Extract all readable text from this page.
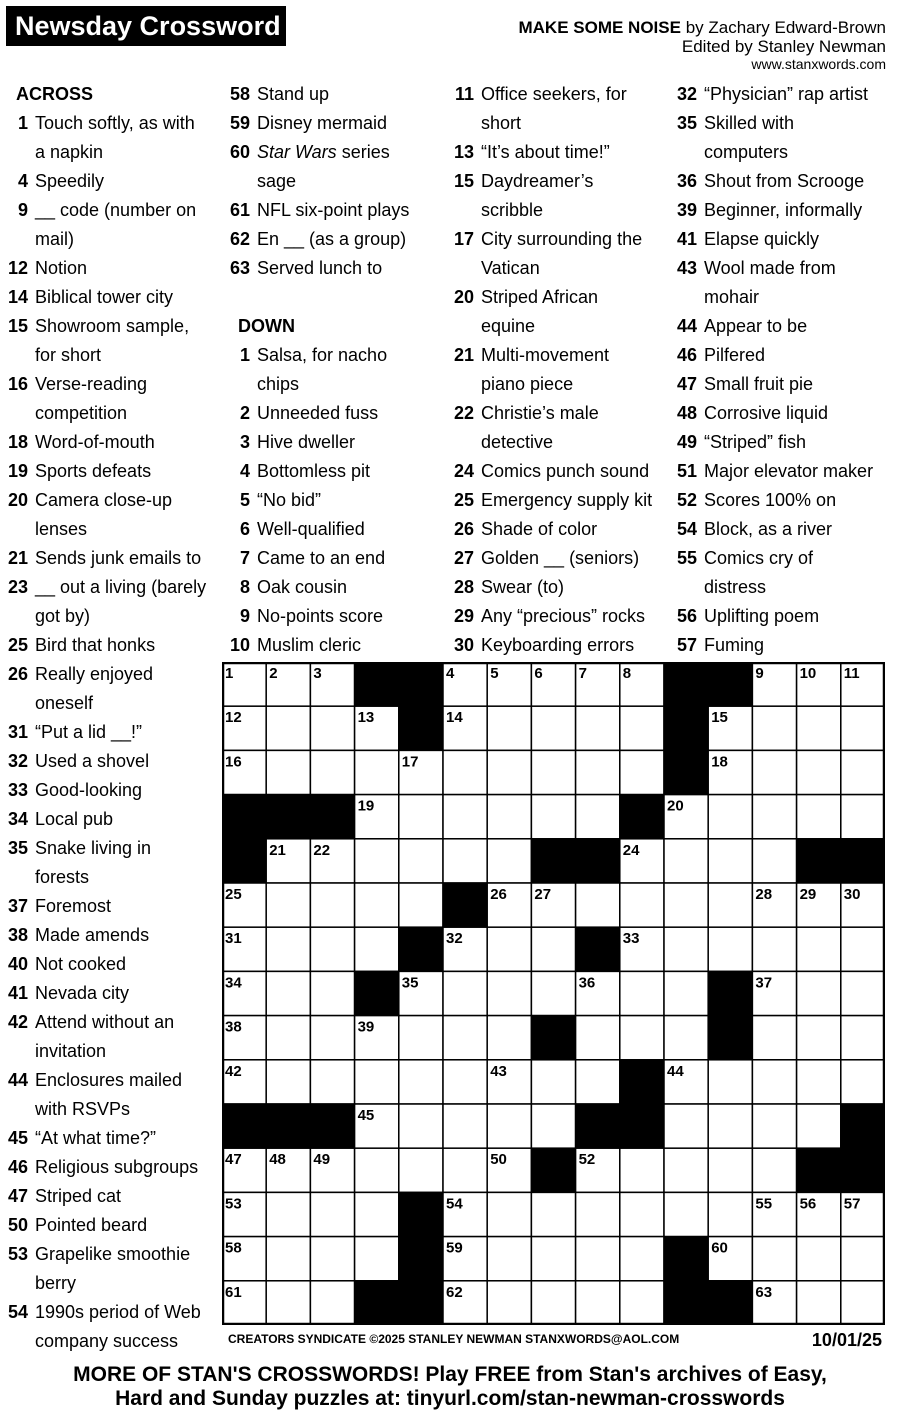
Newsday Crossword	MAKE SOME NOISE by Zachary Edward-Brown
Edited by Stanley Newman
www.stanxwords.com
ACROSS
1 Touch softly, as with
a napkin
4 Speedily
9 __ code (number on
mail)
12 Notion
14 Biblical tower city
15 Showroom sample,
for short
16 Verse-reading
competition
18 Word-of-mouth
19 Sports defeats
20 Camera close-up
lenses
21 Sends junk emails to
23 __ out a living (barely
got by)
25 Bird that honks
26 Really enjoyed
oneself
31 “Put a lid __!”
32 Used a shovel
33 Good-looking
34 Local pub
35 Snake living in
forests
37 Foremost
38 Made amends
40 Not cooked
41 Nevada city
42 Attend without an
invitation
44 Enclosures mailed
with RSVPs
45 “At what time?”
46 Religious subgroups
47 Striped cat
50 Pointed beard
53 Grapelike smoothie
berry
54 1990s period of Web
company success
58 Stand up
59 Disney mermaid
60 Star Wars series
sage
61 NFL six-point plays
62 En __ (as a group)
63 Served lunch to
DOWN
1 Salsa, for nacho
chips
2 Unneeded fuss
3 Hive dweller
4 Bottomless pit
5 “No bid”
6 Well-qualified
7 Came to an end
8 Oak cousin
9 No-points score
10 Muslim cleric
11 Office seekers, for
short
13 “It’s about time!”
15 Daydreamer’s
scribble
17 City surrounding the
Vatican
20 Striped African
equine
21 Multi-movement
piano piece
22 Christie’s male
detective
24 Comics punch sound
25 Emergency supply kit
26 Shade of color
27 Golden __ (seniors)
28 Swear (to)
29 Any “precious” rocks
30 Keyboarding errors
32 “Physician” rap artist
35 Skilled with
computers
36 Shout from Scrooge
39 Beginner, informally
41 Elapse quickly
43 Wool made from
mohair
44 Appear to be
46 Pilfered
47 Small fruit pie
48 Corrosive liquid
49 “Striped” fish
51 Major elevator maker
52 Scores 100% on
54 Block, as a river
55 Comics cry of
distress
56 Uplifting poem
57 Fuming
1 2 3	4 5 6 7 8	9 10 11
12	13	14	15
16	17	18
19	20
21 22	23 24
25	26 27	28 29 30
31	32	33
34	35	36	37
38	39	40	41
42	43	44
45	46
47 48 49	50 51 52
53	54	55 56 57
58	59	60
61	62	63
CREATORS SYNDICATE ©2025 STANLEY NEWMAN STANXWORDS@AOL.COM	10/01/25
MORE OF STAN'S CROSSWORDS! Play FREE from Stan's archives of Easy,
Hard and Sunday puzzles at: tinyurl.com/stan-newman-crosswords
